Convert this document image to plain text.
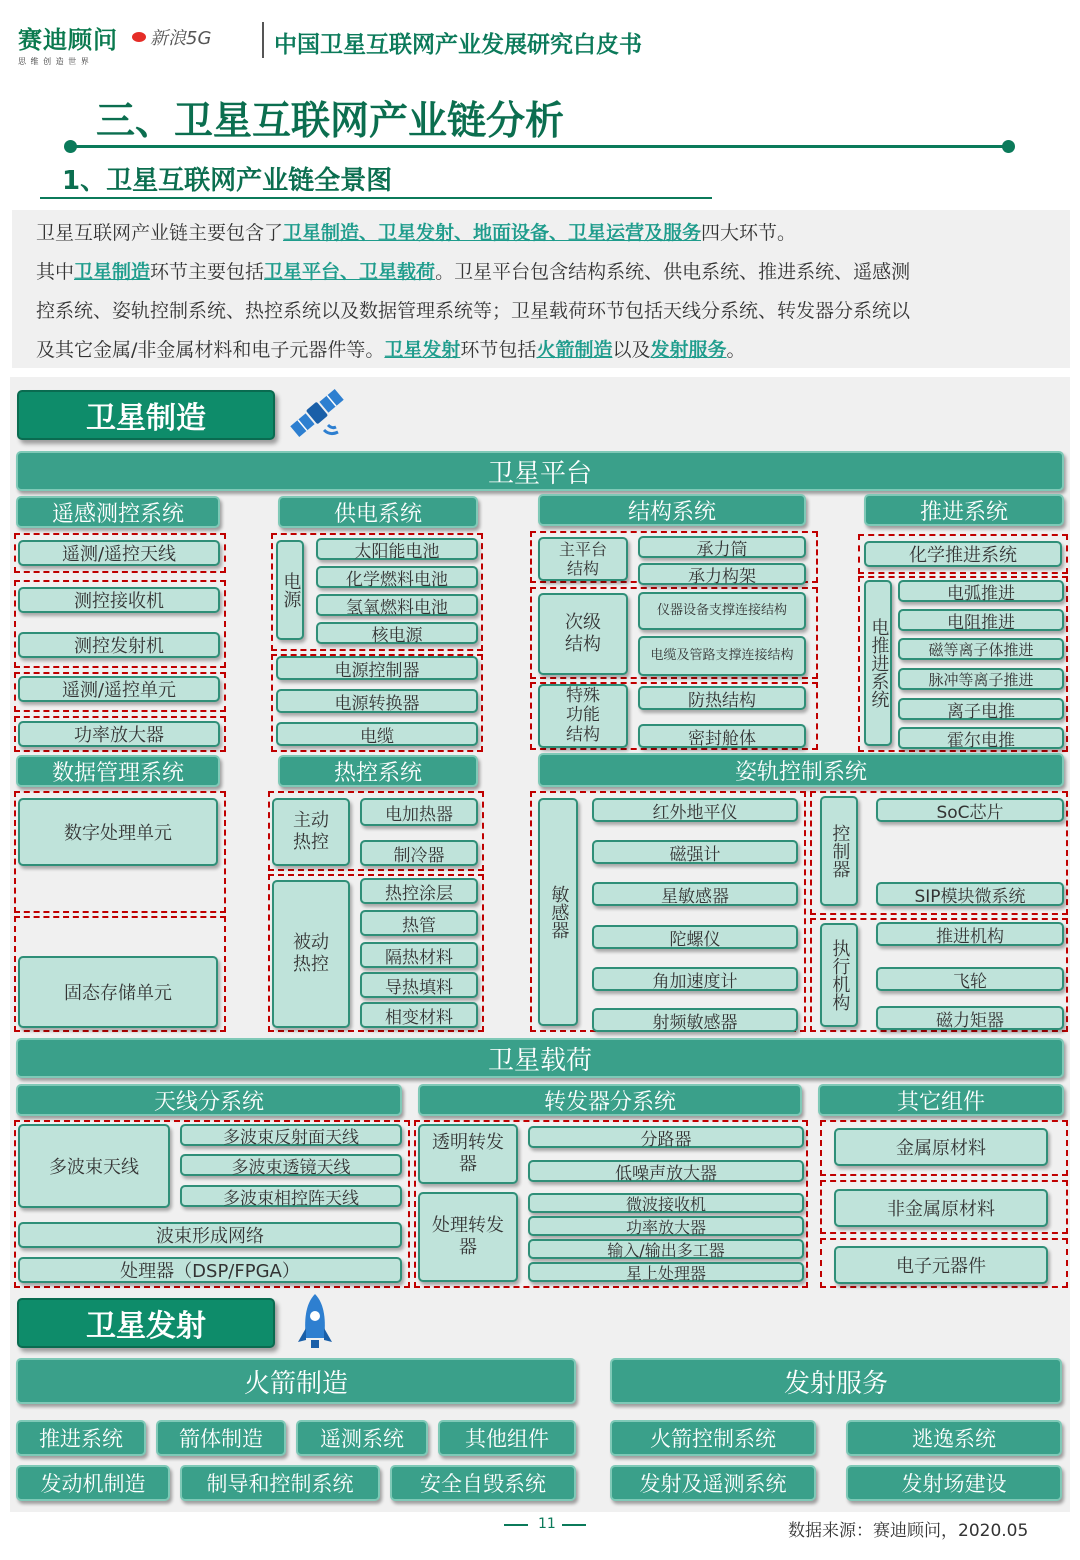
赛迪顾问
思 维 创 造 世 界
新浪5G	中国卫星互联网产业发展研究白皮书
三、卫星互联网产业链分析
1、卫星互联网产业链全景图
卫星互联网产业链主要包含了卫星制造、卫星发射、地面设备、卫星运营及服务四大环节。
其中卫星制造环节主要包括卫星平台、卫星载荷。卫星平台包含结构系统、供电系统、推进系统、遥感测
控系统、姿轨控制系统、热控系统以及数据管理系统等；卫星载荷环节包括天线分系统、转发器分系统以
及其它金属/非金属材料和电子元器件等。卫星发射环节包括火箭制造以及发射服务。
卫星制造
卫星平台
遥感测控系统
遥测/遥控天线
测控接收机
测控发射机
遥测/遥控单元
功率放大器
供电系统
电源
太阳能电池
化学燃料电池
氢氧燃料电池
核电源
电源控制器
电源转换器
电缆
结构系统
主平台结构
承力筒
承力构架
次级结构
仪器设备支撑连接结构
电缆及管路支撑连接结构
特殊功能结构
防热结构
密封舱体
推进系统
化学推进系统
电推进系统
电弧推进
电阻推进
磁等离子体推进
脉冲等离子推进
离子电推
霍尔电推
数据管理系统
数字处理单元
固态存储单元
热控系统
主动热控
电加热器
制冷器
被动热控
热控涂层
热管
隔热材料
导热填料
相变材料
姿轨控制系统
敏感器
红外地平仪
磁强计
星敏感器
陀螺仪
角加速度计
射频敏感器
控制器
SoC芯片
SIP模块微系统
执行机构
推进机构
飞轮
磁力矩器
卫星载荷
天线分系统
多波束天线
多波束反射面天线
多波束透镜天线
多波束相控阵天线
波束形成网络
处理器（DSP/FPGA）
转发器分系统
透明转发器
分路器
低噪声放大器
处理转发器
微波接收机
功率放大器
输入/输出多工器
星上处理器
其它组件
金属原材料
非金属原材料
电子元器件
卫星发射
火箭制造
推进系统	箭体制造	遥测系统	其他组件
发动机制造	制导和控制系统	安全自毁系统
发射服务
火箭控制系统	逃逸系统
发射及遥测系统	发射场建设
11	数据来源：赛迪顾问，2020.05
